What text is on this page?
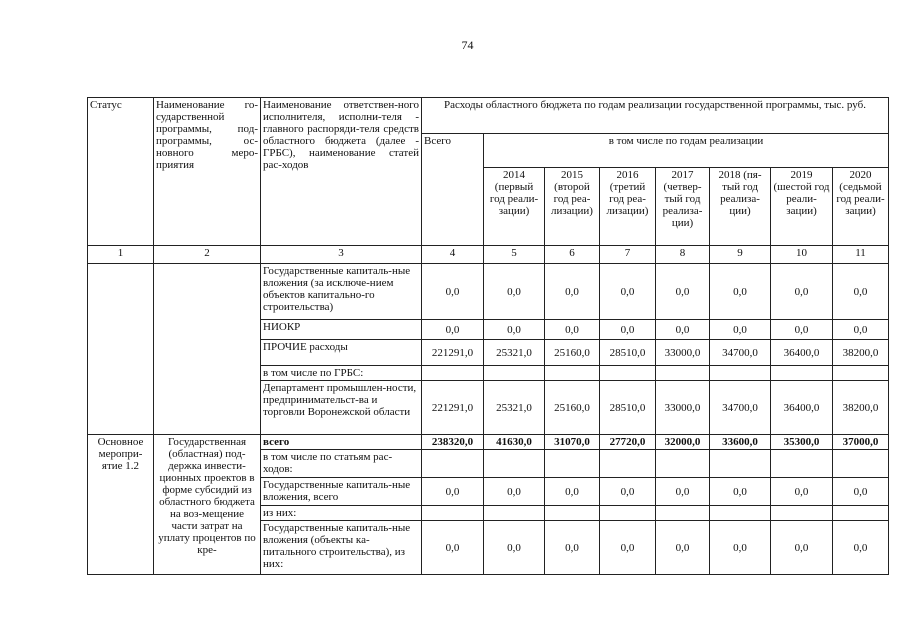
74
Статус	Наименование го-сударственной программы, под-программы, ос-новного меро-приятия	Наименование ответствен-ного исполнителя, исполни-теля - главного распоряди-теля средств областного бюджета (далее - ГРБС), наименование статей рас-ходов	Расходы областного бюджета по годам реализации государственной программы, тыс. руб.							
			Всего	в том числе по годам реализации						
				2014 (первый год реали-зации)	2015 (второй год реа-лизации)	2016 (третий год реа-лизации)	2017 (четвер-тый год реализа-ции)	2018 (пя-тый год реализа-ции)	2019 (шестой год реали-зации)	2020 (седьмой год реали-зации)
1	2	3	4	5	6	7	8	9	10	11
		Государственные капиталь-ные вложения (за исключе-нием объектов капитально-го строительства)	0,0	0,0	0,0	0,0	0,0	0,0	0,0	0,0
		НИОКР	0,0	0,0	0,0	0,0	0,0	0,0	0,0	0,0
		ПРОЧИЕ расходы	221291,0	25321,0	25160,0	28510,0	33000,0	34700,0	36400,0	38200,0
		в том числе по ГРБС:								
		Департамент промышлен-ности, предпринимательст-ва и торговли Воронежской области	221291,0	25321,0	25160,0	28510,0	33000,0	34700,0	36400,0	38200,0
Основное меропри-ятие 1.2	Государственная (областная) под-держка инвести-ционных проектов в форме субсидий из областного бюджета на воз-мещение части затрат на уплату процентов по кре-	всего	238320,0	41630,0	31070,0	27720,0	32000,0	33600,0	35300,0	37000,0
		в том числе по статьям рас-ходов:								
		Государственные капиталь-ные вложения, всего	0,0	0,0	0,0	0,0	0,0	0,0	0,0	0,0
		из них:								
		Государственные капиталь-ные вложения (объекты ка-питального строительства), из них:	0,0	0,0	0,0	0,0	0,0	0,0	0,0	0,0
